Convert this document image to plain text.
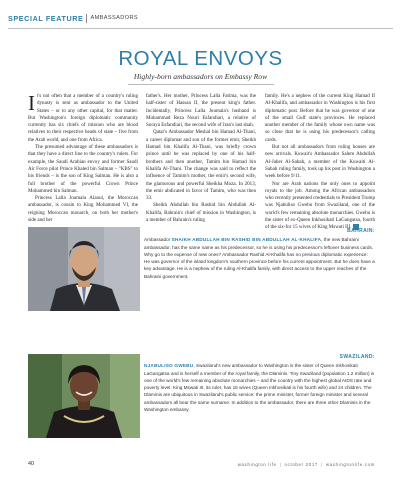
SPECIAL FEATURE AMBASSADORS
ROYAL ENVOYS
Highly-born ambassadors on Embassy Row

It's not often that a member of a country's ruling dynasty is sent as ambassador to the United States – or to any other capital, for that matter. But Washington's foreign diplomatic community currently has six chiefs of mission who are blood relatives to their respective heads of state – five from the Arab world, and one from Africa.

The presumed advantage of these ambassadors is that they have a direct line to the country's rulers. For example, the Saudi Arabian envoy and former Saudi Air Force pilot Prince Khaled bin Salman – "KBS" to his friends – is the son of King Salman. He is also a full brother of the powerful Crown Prince Mohammed bin Salman.

Princess Lalla Joumala Alaoui, the Moroccan ambassador, is cousin to King Mohammed VI, the reigning Moroccan monarch, on both her mother's side and her

father's. Her mother, Princess Lalla Fatima, was the half-sister of Hassan II, the present king's father. Incidentally, Princess Lalla Joumala's husband is Muhammad Reza Nouri Esfandiari, a relative of Soraya Esfandiari, the second wife of Iran's last shah.

Qatar's Ambassador Meshal bin Hamad Al-Thani, a career diplomat and son of the former emir, Sheikh Hamad bin Khalifa Al-Thani, was briefly crown prince until he was replaced by one of his half-brothers and then another, Tamim bin Hamad bin Khalifa Al-Thani. The change was said to reflect the influence of Tamim's mother, the emir's second wife, the glamorous and powerful Sheikha Moza. In 2013, the emir abdicated in favor of Tamim, who was then 33.

Sheikh Abdullah bin Rashid bin Abdullah Al-Khalifa, Bahrain's chief of mission in Washington, is a member of Bahrain's ruling

family. He's a nephew of the current King Hamad II Al-Khalifa, and ambassador in Washington is his first diplomatic post. Before that he was governor of one of the small Gulf state's provinces. He replaced another member of the family whose own name was so close that he is using his predecessor's calling cards.

But not all ambassadors from ruling houses are new arrivals. Kuwait's Ambassador Salem Abdullah Al-Jaber Al-Sabah, a member of the Kuwaiti Al-Sabah ruling family, took up his post in Washington a week before 9/11.

Nor are Arab nations the only ones to appoint royals to the job. Among the African ambassadors who recently presented credentials to President Trump was Njabuliso Gwebu from Swaziland, one of the world's few remaining absolute monarchies. Gwebu is the sister of ex-Queen Inkhosikati LaGangatsa, fourth of the six-for 15 wives of King Mswati III.

BAHRAIN:
Ambassador SHAIKH ABDULLAH BIN RASHID BIN ABDULLAH AL-KHALIFA, the new Bahraini ambassador, has the same name as his predecessor, so he is using his predecessor's leftover business cards. Why go to the expense of new ones? Ambassador Rashid Al-Khalifa has no previous diplomatic experience: He was governor of the island kingdom's southern province before his current appointment. But he does have a key advantage. He is a nephew of the ruling Al-Khalifa family, with direct access to the upper reaches of the Bahraini government.
SWAZILAND:
NJABULISO GWEBU, Swaziland's new ambassador to Washington is the sister of Queen Inkhosikati LaGangatsa and is herself a member of the royal family, the Dlaminis. Tiny Swaziland (population 1.2 million) is one of the world's few remaining absolute monarchies – and the country with the highest global AIDS rate and poverty level. King Mswati III, its ruler, has 15 wives (Queen Inkhosikati is his fourth wife) and 24 children. The Dlaminis are ubiquitous in Swaziland's public service: the prime minister, former foreign minister and several ambassadors all bear the same surname. In addition to the ambassador, there are three other Dlaminis in the Washington embassy.
40	washington life | october 2017 | washingtonlife.com
